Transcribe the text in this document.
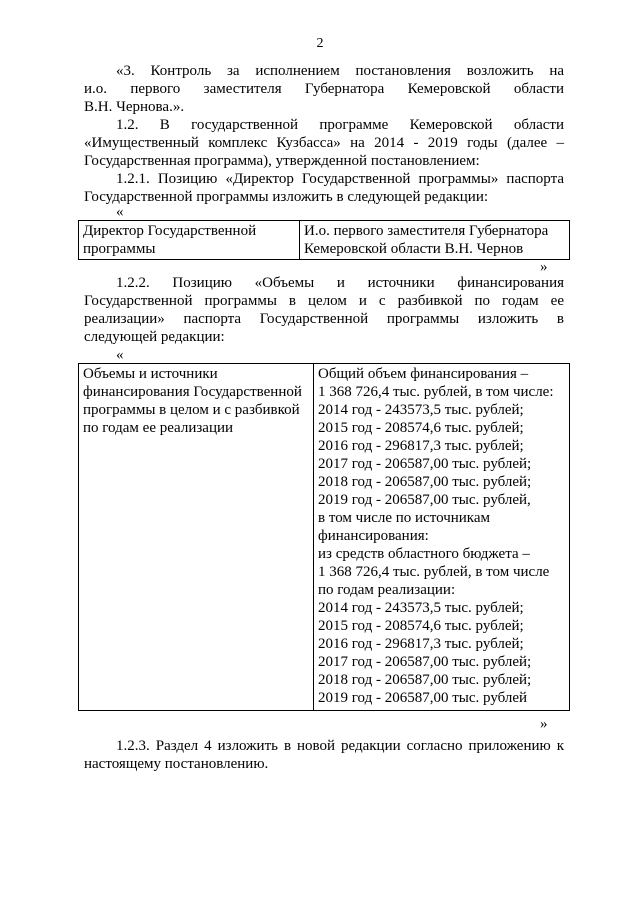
2
«3. Контроль за исполнением постановления возложить на
и.о. первого заместителя Губернатора Кемеровской области
В.Н. Чернова.».
1.2. В государственной программе Кемеровской области
«Имущественный комплекс Кузбасса» на 2014 - 2019 годы (далее –
Государственная программа), утвержденной постановлением:
1.2.1. Позицию «Директор Государственной программы» паспорта
Государственной программы изложить в следующей редакции:
«
Директор Государственной
программы

И.о. первого заместителя Губернатора
Кемеровской области В.Н. Чернов
»
1.2.2. Позицию «Объемы и источники финансирования
Государственной программы в целом и с разбивкой по годам ее
реализации» паспорта Государственной программы изложить в
следующей редакции:
«
Объемы и источники
финансирования Государственной
программы в целом и с разбивкой
по годам ее реализации

Общий объем финансирования –
1 368 726,4 тыс. рублей, в том числе:
2014 год - 243573,5 тыс. рублей;
2015 год - 208574,6 тыс. рублей;
2016 год - 296817,3 тыс. рублей;
2017 год - 206587,00 тыс. рублей;
2018 год - 206587,00 тыс. рублей;
2019 год - 206587,00 тыс. рублей,
в том числе по источникам
финансирования:
из средств областного бюджета –
1 368 726,4 тыс. рублей, в том числе
по годам реализации:
2014 год - 243573,5 тыс. рублей;
2015 год - 208574,6 тыс. рублей;
2016 год - 296817,3 тыс. рублей;
2017 год - 206587,00 тыс. рублей;
2018 год - 206587,00 тыс. рублей;
2019 год - 206587,00 тыс. рублей
»
1.2.3. Раздел 4 изложить в новой редакции согласно приложению к
настоящему постановлению.
